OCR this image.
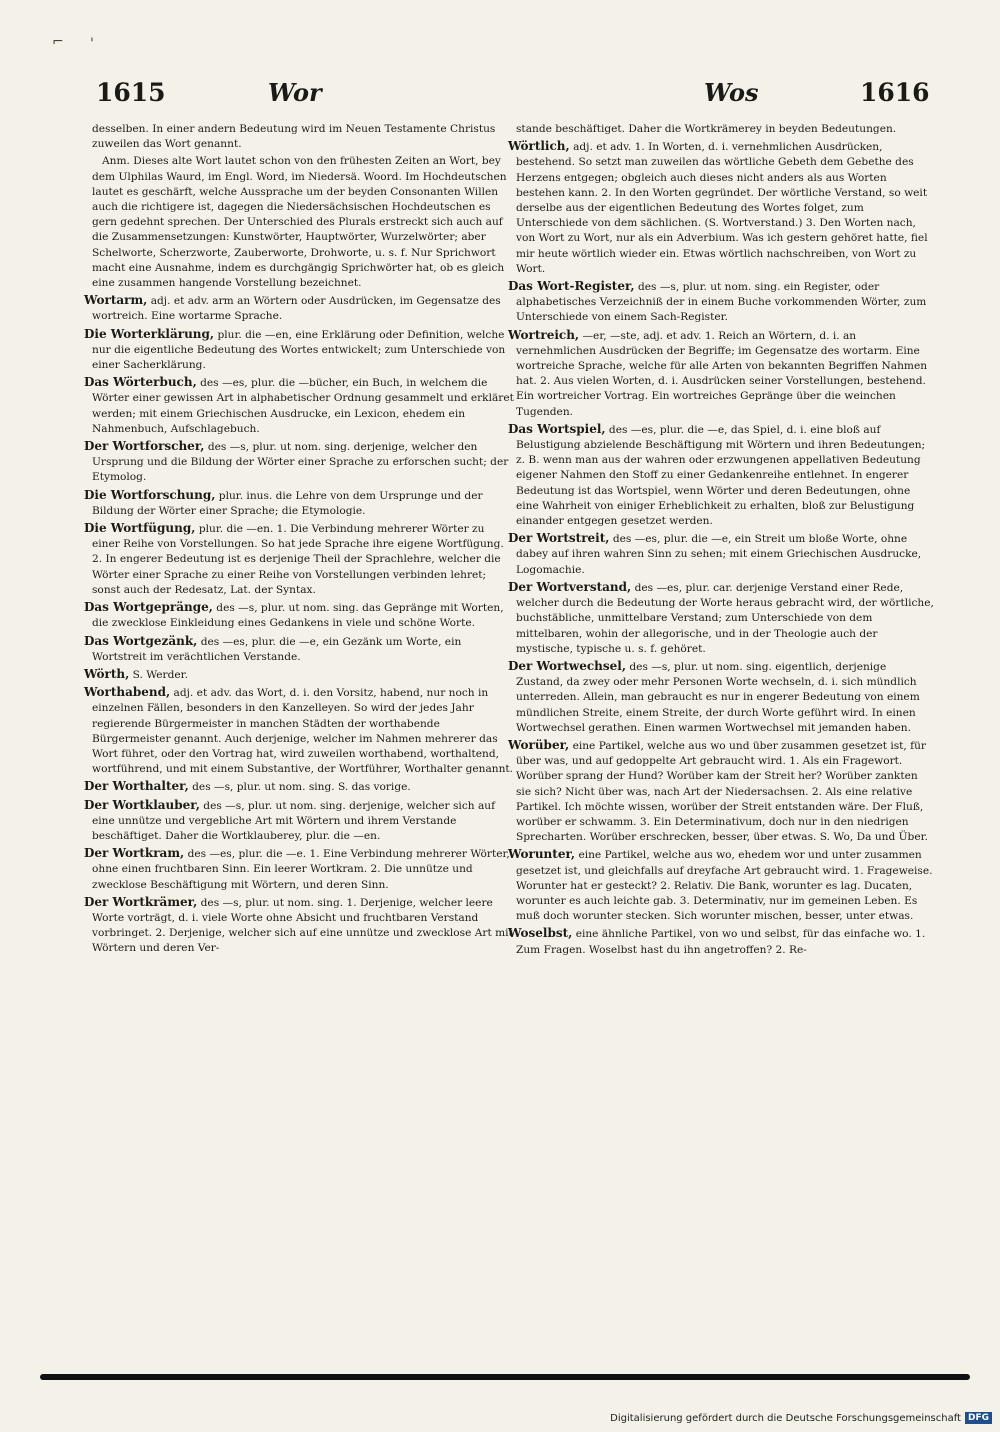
⌐ '
1615	Wor	Wos	1616

desselben. In einer andern Bedeutung wird im Neuen Testamente Christus zuweilen das Wort genannt.

Anm. Dieses alte Wort lautet schon von den frühesten Zeiten an Wort, bey dem Ulphilas Waurd, im Engl. Word, im Niedersä. Woord. Im Hochdeutschen lautet es geschärft, welche Aussprache um der beyden Consonanten Willen auch die richtigere ist, dagegen die Niedersächsischen Hochdeutschen es gern gedehnt sprechen. Der Unterschied des Plurals erstreckt sich auch auf die Zusammensetzungen: Kunstwörter, Hauptwörter, Wurzelwörter; aber Schelworte, Scherzworte, Zauberworte, Drohworte, u. s. f. Nur Sprichwort macht eine Ausnahme, indem es durchgängig Sprichwörter hat, ob es gleich eine zusammen hangende Vorstellung bezeichnet.

Wortarm, adj. et adv. arm an Wörtern oder Ausdrücken, im Gegensatze des wortreich. Eine wortarme Sprache.

Die Worterklärung, plur. die —en, eine Erklärung oder Definition, welche nur die eigentliche Bedeutung des Wortes entwickelt; zum Unterschiede von einer Sacherklärung.

Das Wörterbuch, des —es, plur. die —bücher, ein Buch, in welchem die Wörter einer gewissen Art in alphabetischer Ordnung gesammelt und erkläret werden; mit einem Griechischen Ausdrucke, ein Lexicon, ehedem ein Nahmenbuch, Aufschlagebuch.

Der Wortforscher, des —s, plur. ut nom. sing. derjenige, welcher den Ursprung und die Bildung der Wörter einer Sprache zu erforschen sucht; der Etymolog.

Die Wortforschung, plur. inus. die Lehre von dem Ursprunge und der Bildung der Wörter einer Sprache; die Etymologie.

Die Wortfügung, plur. die —en. 1. Die Verbindung mehrerer Wörter zu einer Reihe von Vorstellungen. So hat jede Sprache ihre eigene Wortfügung. 2. In engerer Bedeutung ist es derjenige Theil der Sprachlehre, welcher die Wörter einer Sprache zu einer Reihe von Vorstellungen verbinden lehret; sonst auch der Redesatz, Lat. der Syntax.

Das Wortgepränge, des —s, plur. ut nom. sing. das Gepränge mit Worten, die zwecklose Einkleidung eines Gedankens in viele und schöne Worte.

Das Wortgezänk, des —es, plur. die —e, ein Gezänk um Worte, ein Wortstreit im verächtlichen Verstande.

Wörth, S. Werder.

Worthabend, adj. et adv. das Wort, d. i. den Vorsitz, habend, nur noch in einzelnen Fällen, besonders in den Kanzelleyen. So wird der jedes Jahr regierende Bürgermeister in manchen Städten der worthabende Bürgermeister genannt. Auch derjenige, welcher im Nahmen mehrerer das Wort führet, oder den Vortrag hat, wird zuweilen worthabend, worthaltend, wortführend, und mit einem Substantive, der Wortführer, Worthalter genannt.

Der Worthalter, des —s, plur. ut nom. sing. S. das vorige.

Der Wortklauber, des —s, plur. ut nom. sing. derjenige, welcher sich auf eine unnütze und vergebliche Art mit Wörtern und ihrem Verstande beschäftiget. Daher die Wortklauberey, plur. die —en.

Der Wortkram, des —es, plur. die —e. 1. Eine Verbindung mehrerer Wörter, ohne einen fruchtbaren Sinn. Ein leerer Wortkram. 2. Die unnütze und zwecklose Beschäftigung mit Wörtern, und deren Sinn.

Der Wortkrämer, des —s, plur. ut nom. sing. 1. Derjenige, welcher leere Worte vorträgt, d. i. viele Worte ohne Absicht und fruchtbaren Verstand vorbringet. 2. Derjenige, welcher sich auf eine unnütze und zwecklose Art mit Wörtern und deren Ver-

stande beschäftiget. Daher die Wortkrämerey in beyden Bedeutungen.

Wörtlich, adj. et adv. 1. In Worten, d. i. vernehmlichen Ausdrücken, bestehend. So setzt man zuweilen das wörtliche Gebeth dem Gebethe des Herzens entgegen; obgleich auch dieses nicht anders als aus Worten bestehen kann. 2. In den Worten gegründet. Der wörtliche Verstand, so weit derselbe aus der eigentlichen Bedeutung des Wortes folget, zum Unterschiede von dem sächlichen. (S. Wortverstand.) 3. Den Worten nach, von Wort zu Wort, nur als ein Adverbium. Was ich gestern gehöret hatte, fiel mir heute wörtlich wieder ein. Etwas wörtlich nachschreiben, von Wort zu Wort.

Das Wort-Register, des —s, plur. ut nom. sing. ein Register, oder alphabetisches Verzeichniß der in einem Buche vorkommenden Wörter, zum Unterschiede von einem Sach-Register.

Wortreich, —er, —ste, adj. et adv. 1. Reich an Wörtern, d. i. an vernehmlichen Ausdrücken der Begriffe; im Gegensatze des wortarm. Eine wortreiche Sprache, welche für alle Arten von bekannten Begriffen Nahmen hat. 2. Aus vielen Worten, d. i. Ausdrücken seiner Vorstellungen, bestehend. Ein wortreicher Vortrag. Ein wortreiches Gepränge über die weinchen Tugenden.

Das Wortspiel, des —es, plur. die —e, das Spiel, d. i. eine bloß auf Belustigung abzielende Beschäftigung mit Wörtern und ihren Bedeutungen; z. B. wenn man aus der wahren oder erzwungenen appellativen Bedeutung eigener Nahmen den Stoff zu einer Gedankenreihe entlehnet. In engerer Bedeutung ist das Wortspiel, wenn Wörter und deren Bedeutungen, ohne eine Wahrheit von einiger Erheblichkeit zu erhalten, bloß zur Belustigung einander entgegen gesetzet werden.

Der Wortstreit, des —es, plur. die —e, ein Streit um bloße Worte, ohne dabey auf ihren wahren Sinn zu sehen; mit einem Griechischen Ausdrucke, Logomachie.

Der Wortverstand, des —es, plur. car. derjenige Verstand einer Rede, welcher durch die Bedeutung der Worte heraus gebracht wird, der wörtliche, buchstäbliche, unmittelbare Verstand; zum Unterschiede von dem mittelbaren, wohin der allegorische, und in der Theologie auch der mystische, typische u. s. f. gehöret.

Der Wortwechsel, des —s, plur. ut nom. sing. eigentlich, derjenige Zustand, da zwey oder mehr Personen Worte wechseln, d. i. sich mündlich unterreden. Allein, man gebraucht es nur in engerer Bedeutung von einem mündlichen Streite, einem Streite, der durch Worte geführt wird. In einen Wortwechsel gerathen. Einen warmen Wortwechsel mit jemanden haben.

Worüber, eine Partikel, welche aus wo und über zusammen gesetzet ist, für über was, und auf gedoppelte Art gebraucht wird. 1. Als ein Fragewort. Worüber sprang der Hund? Worüber kam der Streit her? Worüber zankten sie sich? Nicht über was, nach Art der Niedersachsen. 2. Als eine relative Partikel. Ich möchte wissen, worüber der Streit entstanden wäre. Der Fluß, worüber er schwamm. 3. Ein Determinativum, doch nur in den niedrigen Sprecharten. Worüber erschrecken, besser, über etwas. S. Wo, Da und Über.

Worunter, eine Partikel, welche aus wo, ehedem wor und unter zusammen gesetzet ist, und gleichfalls auf dreyfache Art gebraucht wird. 1. Frageweise. Worunter hat er gesteckt? 2. Relativ. Die Bank, worunter es lag. Ducaten, worunter es auch leichte gab. 3. Determinativ, nur im gemeinen Leben. Es muß doch worunter stecken. Sich worunter mischen, besser, unter etwas.

Woselbst, eine ähnliche Partikel, von wo und selbst, für das einfache wo. 1. Zum Fragen. Woselbst hast du ihn angetroffen? 2. Re-

Digitalisierung gefördert durch die Deutsche Forschungsgemeinschaft DFG
